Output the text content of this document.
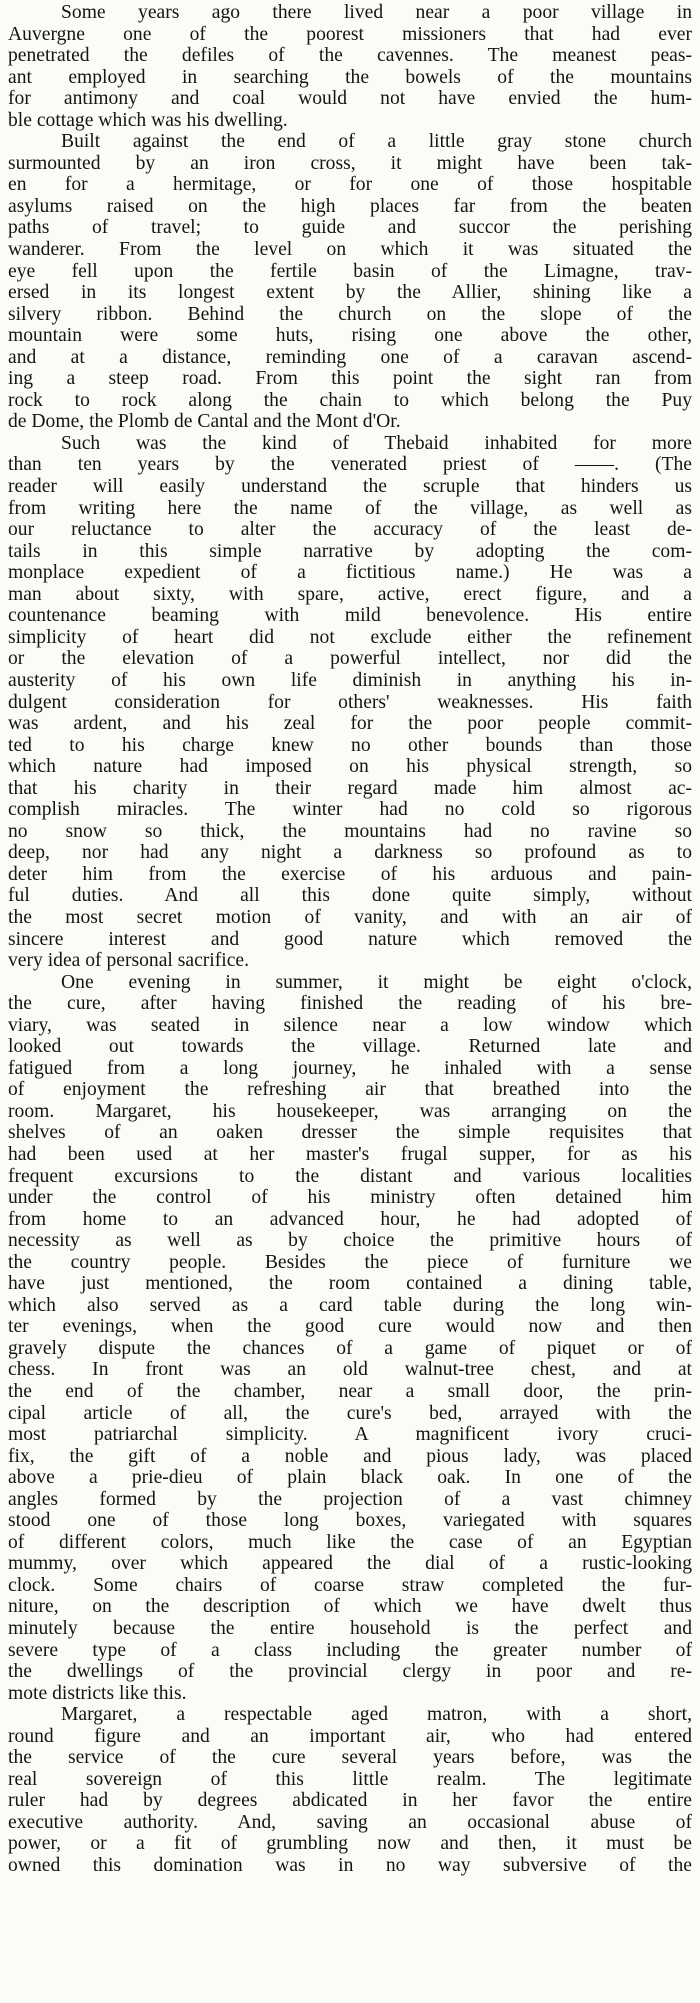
Some years ago there lived near a poor village in
Auvergne one of the poorest missioners that had ever
penetrated the defiles of the cavennes. The meanest peas-
ant employed in searching the bowels of the mountains
for antimony and coal would not have envied the hum-
ble cottage which was his dwelling.
Built against the end of a little gray stone church
surmounted by an iron cross, it might have been tak-
en for a hermitage, or for one of those hospitable
asylums raised on the high places far from the beaten
paths of travel; to guide and succor the perishing
wanderer. From the level on which it was situated the
eye fell upon the fertile basin of the Limagne, trav-
ersed in its longest extent by the Allier, shining like a
silvery ribbon. Behind the church on the slope of the
mountain were some huts, rising one above the other,
and at a distance, reminding one of a caravan ascend-
ing a steep road. From this point the sight ran from
rock to rock along the chain to which belong the Puy
de Dome, the Plomb de Cantal and the Mont d'Or.
Such was the kind of Thebaid inhabited for more
than ten years by the venerated priest of ——. (The
reader will easily understand the scruple that hinders us
from writing here the name of the village, as well as
our reluctance to alter the accuracy of the least de-
tails in this simple narrative by adopting the com-
monplace expedient of a fictitious name.) He was a
man about sixty, with spare, active, erect figure, and a
countenance beaming with mild benevolence. His entire
simplicity of heart did not exclude either the refinement
or the elevation of a powerful intellect, nor did the
austerity of his own life diminish in anything his in-
dulgent consideration for others' weaknesses. His faith
was ardent, and his zeal for the poor people commit-
ted to his charge knew no other bounds than those
which nature had imposed on his physical strength, so
that his charity in their regard made him almost ac-
complish miracles. The winter had no cold so rigorous
no snow so thick, the mountains had no ravine so
deep, nor had any night a darkness so profound as to
deter him from the exercise of his arduous and pain-
ful duties. And all this done quite simply, without
the most secret motion of vanity, and with an air of
sincere interest and good nature which removed the
very idea of personal sacrifice.
One evening in summer, it might be eight o'clock,
the cure, after having finished the reading of his bre-
viary, was seated in silence near a low window which
looked out towards the village. Returned late and
fatigued from a long journey, he inhaled with a sense
of enjoyment the refreshing air that breathed into the
room. Margaret, his housekeeper, was arranging on the
shelves of an oaken dresser the simple requisites that
had been used at her master's frugal supper, for as his
frequent excursions to the distant and various localities
under the control of his ministry often detained him
from home to an advanced hour, he had adopted of
necessity as well as by choice the primitive hours of
the country people. Besides the piece of furniture we
have just mentioned, the room contained a dining table,
which also served as a card table during the long win-
ter evenings, when the good cure would now and then
gravely dispute the chances of a game of piquet or of
chess. In front was an old walnut-tree chest, and at
the end of the chamber, near a small door, the prin-
cipal article of all, the cure's bed, arrayed with the
most patriarchal simplicity. A magnificent ivory cruci-
fix, the gift of a noble and pious lady, was placed
above a prie-dieu of plain black oak. In one of the
angles formed by the projection of a vast chimney
stood one of those long boxes, variegated with squares
of different colors, much like the case of an Egyptian
mummy, over which appeared the dial of a rustic-looking
clock. Some chairs of coarse straw completed the fur-
niture, on the description of which we have dwelt thus
minutely because the entire household is the perfect and
severe type of a class including the greater number of
the dwellings of the provincial clergy in poor and re-
mote districts like this.
Margaret, a respectable aged matron, with a short,
round figure and an important air, who had entered
the service of the cure several years before, was the
real sovereign of this little realm. The legitimate
ruler had by degrees abdicated in her favor the entire
executive authority. And, saving an occasional abuse of
power, or a fit of grumbling now and then, it must be
owned this domination was in no way subversive of the
